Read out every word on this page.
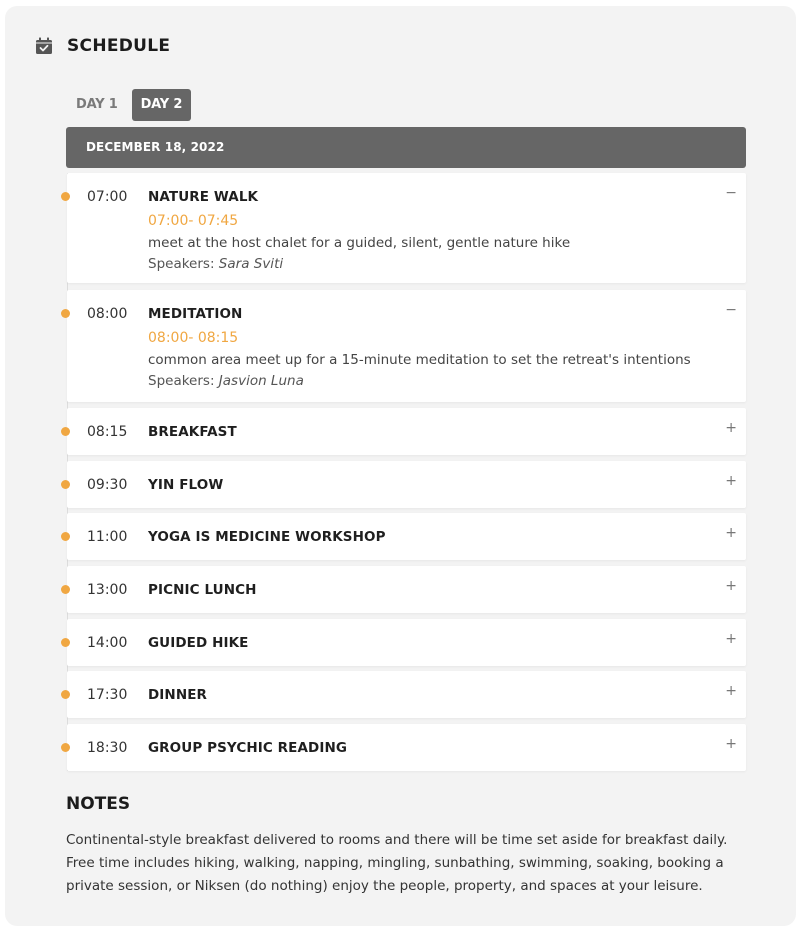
SCHEDULE
DAY 1	DAY 2
DECEMBER 18, 2022
07:00 NATURE WALK	−
07:00- 07:45
meet at the host chalet for a guided, silent, gentle nature hike
Speakers: Sara Sviti
08:00 MEDITATION	−
08:00- 08:15
common area meet up for a 15-minute meditation to set the retreat's intentions
Speakers: Jasvion Luna
08:15 BREAKFAST	+
09:30 YIN FLOW	+
11:00 YOGA IS MEDICINE WORKSHOP	+
13:00 PICNIC LUNCH	+
14:00 GUIDED HIKE	+
17:30 DINNER	+
18:30 GROUP PSYCHIC READING	+
NOTES
Continental-style breakfast delivered to rooms and there will be time set aside for breakfast daily. Free time includes hiking, walking, napping, mingling, sunbathing, swimming, soaking, booking a private session, or Niksen (do nothing) enjoy the people, property, and spaces at your leisure.
